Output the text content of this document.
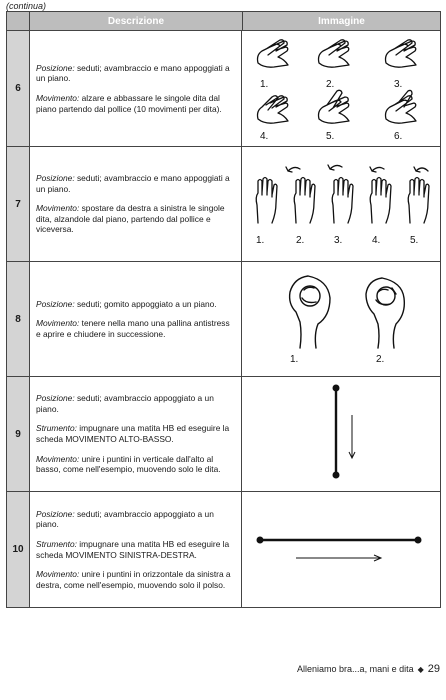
(continua)
Descrizione	Immagine
6

Posizione: seduti; avambraccio e mano appoggiati a un piano.

Movimento: alzare e abbassare le singole dita dal piano partendo dal pollice (10 movimenti per dita).

1.	2.	3.
4.	5.	6.
7

Posizione: seduti; avambraccio e mano appoggiati a un piano.

Movimento: spostare da destra a sinistra le singole dita, alzandole dal piano, partendo dal pollice e viceversa.

1.	2.	3.	4.	5.
8

Posizione: seduti; gomito appoggiato a un piano.

Movimento: tenere nella mano una pallina antistress e aprire e chiudere in successione.

1.	2.
9

Posizione: seduti; avambraccio appoggiato a un piano.

Strumento: impugnare una matita HB ed eseguire la scheda MOVIMENTO ALTO-BASSO.

Movimento: unire i puntini in verticale dall'alto al basso, come nell'esempio, muovendo solo le dita.

10

Posizione: seduti; avambraccio appoggiato a un piano.

Strumento: impugnare una matita HB ed eseguire la scheda MOVIMENTO SINISTRA-DESTRA.

Movimento: unire i puntini in orizzontale da sinistra a destra, come nell'esempio, muovendo solo il polso.

Alleniamo bra...a, mani e dita ◆ 29
